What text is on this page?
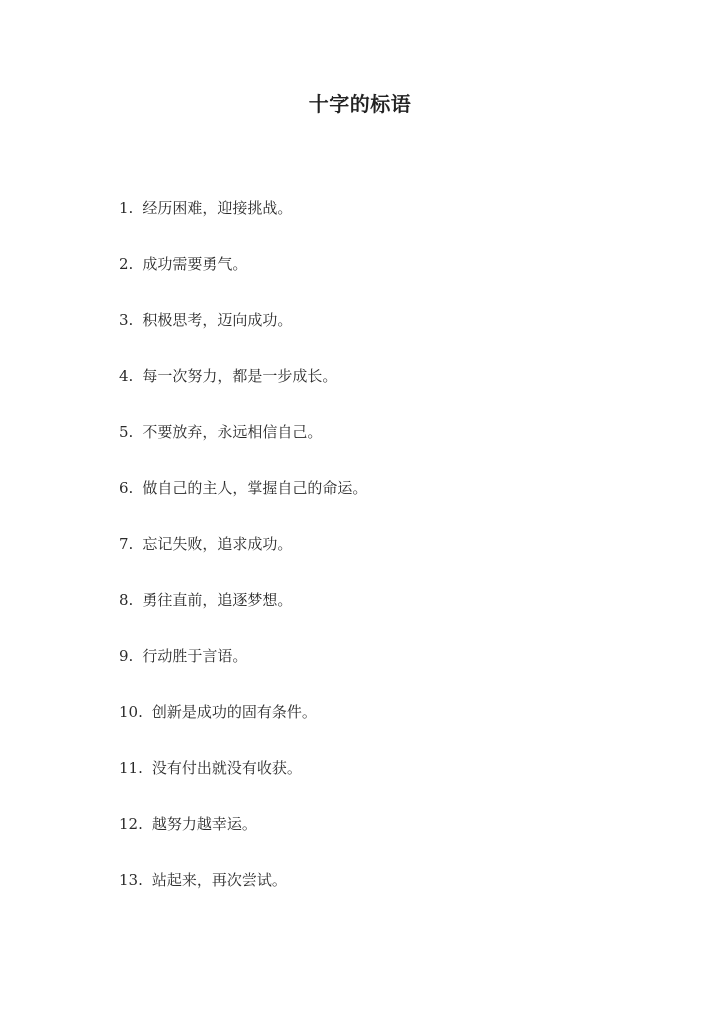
十字的标语
1. 经历困难，迎接挑战。
2. 成功需要勇气。
3. 积极思考，迈向成功。
4. 每一次努力，都是一步成长。
5. 不要放弃，永远相信自己。
6. 做自己的主人，掌握自己的命运。
7. 忘记失败，追求成功。
8. 勇往直前，追逐梦想。
9. 行动胜于言语。
10. 创新是成功的固有条件。
11. 没有付出就没有收获。
12. 越努力越幸运。
13. 站起来，再次尝试。
